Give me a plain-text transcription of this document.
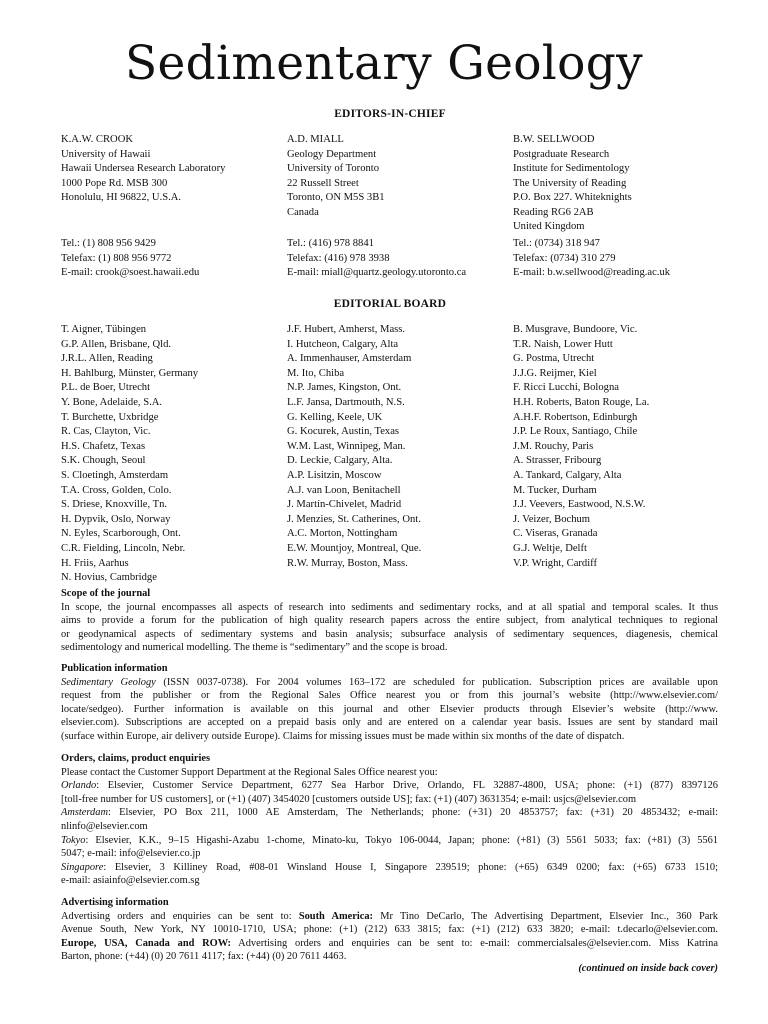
Sedimentary Geology
EDITORS-IN-CHIEF
K.A.W. CROOK
University of Hawaii
Hawaii Undersea Research Laboratory
1000 Pope Rd. MSB 300
Honolulu, HI 96822, U.S.A.
A.D. MIALL
Geology Department
University of Toronto
22 Russell Street
Toronto, ON M5S 3B1
Canada
B.W. SELLWOOD
Postgraduate Research
Institute for Sedimentology
The University of Reading
P.O. Box 227. Whiteknights
Reading RG6 2AB
United Kingdom
Tel.: (1) 808 956 9429
Telefax: (1) 808 956 9772
E-mail: crook@soest.hawaii.edu
Tel.: (416) 978 8841
Telefax: (416) 978 3938
E-mail: miall@quartz.geology.utoronto.ca
Tel.: (0734) 318 947
Telefax: (0734) 310 279
E-mail: b.w.sellwood@reading.ac.uk
EDITORIAL BOARD
T. Aigner, Tübingen
G.P. Allen, Brisbane, Qld.
J.R.L. Allen, Reading
H. Bahlburg, Münster, Germany
P.L. de Boer, Utrecht
Y. Bone, Adelaide, S.A.
T. Burchette, Uxbridge
R. Cas, Clayton, Vic.
H.S. Chafetz, Texas
S.K. Chough, Seoul
S. Cloetingh, Amsterdam
T.A. Cross, Golden, Colo.
S. Driese, Knoxville, Tn.
H. Dypvik, Oslo, Norway
N. Eyles, Scarborough, Ont.
C.R. Fielding, Lincoln, Nebr.
H. Friis, Aarhus
N. Hovius, Cambridge
J.F. Hubert, Amherst, Mass.
I. Hutcheon, Calgary, Alta
A. Immenhauser, Amsterdam
M. Ito, Chiba
N.P. James, Kingston, Ont.
L.F. Jansa, Dartmouth, N.S.
G. Kelling, Keele, UK
G. Kocurek, Austin, Texas
W.M. Last, Winnipeg, Man.
D. Leckie, Calgary, Alta.
A.P. Lisitzin, Moscow
A.J. van Loon, Benitachell
J. Martín-Chivelet, Madrid
J. Menzies, St. Catherines, Ont.
A.C. Morton, Nottingham
E.W. Mountjoy, Montreal, Que.
R.W. Murray, Boston, Mass.
B. Musgrave, Bundoore, Vic.
T.R. Naish, Lower Hutt
G. Postma, Utrecht
J.J.G. Reijmer, Kiel
F. Ricci Lucchi, Bologna
H.H. Roberts, Baton Rouge, La.
A.H.F. Robertson, Edinburgh
J.P. Le Roux, Santiago, Chile
J.M. Rouchy, Paris
A. Strasser, Fribourg
A. Tankard, Calgary, Alta
M. Tucker, Durham
J.J. Veevers, Eastwood, N.S.W.
J. Veizer, Bochum
C. Viseras, Granada
G.J. Weltje, Delft
V.P. Wright, Cardiff
Scope of the journal
In scope, the journal encompasses all aspects of research into sediments and sedimentary rocks, and at all spatial and temporal scales. It thus
aims to provide a forum for the publication of high quality research papers across the entire subject, from analytical techniques to regional
or geodynamical aspects of sedimentary systems and basin analysis; subsurface analysis of sedimentary sequences, diagenesis, chemical
sedimentology and numerical modelling. The theme is “sedimentary” and the scope is broad.
Publication information
Sedimentary Geology (ISSN 0037-0738). For 2004 volumes 163–172 are scheduled for publication. Subscription prices are available upon
request from the publisher or from the Regional Sales Office nearest you or from this journal’s website (http://www.elsevier.com/
locate/sedgeo). Further information is available on this journal and other Elsevier products through Elsevier’s website (http://www.
elsevier.com). Subscriptions are accepted on a prepaid basis only and are entered on a calendar year basis. Issues are sent by standard mail
(surface within Europe, air delivery outside Europe). Claims for missing issues must be made within six months of the date of dispatch.
Orders, claims, product enquiries
Please contact the Customer Support Department at the Regional Sales Office nearest you:
Orlando: Elsevier, Customer Service Department, 6277 Sea Harbor Drive, Orlando, FL 32887-4800, USA; phone: (+1) (877) 8397126
[toll-free number for US customers], or (+1) (407) 3454020 [customers outside US]; fax: (+1) (407) 3631354; e-mail: usjcs@elsevier.com
Amsterdam: Elsevier, PO Box 211, 1000 AE Amsterdam, The Netherlands; phone: (+31) 20 4853757; fax: (+31) 20 4853432; e-mail:
nlinfo@elsevier.com
Tokyo: Elsevier, K.K., 9–15 Higashi-Azabu 1-chome, Minato-ku, Tokyo 106-0044, Japan; phone: (+81) (3) 5561 5033; fax: (+81) (3) 5561
5047; e-mail: info@elsevier.co.jp
Singapore: Elsevier, 3 Killiney Road, #08-01 Winsland House I, Singapore 239519; phone: (+65) 6349 0200; fax: (+65) 6733 1510;
e-mail: asiainfo@elsevier.com.sg
Advertising information
Advertising orders and enquiries can be sent to: South America: Mr Tino DeCarlo, The Advertising Department, Elsevier Inc., 360 Park
Avenue South, New York, NY 10010-1710, USA; phone: (+1) (212) 633 3815; fax: (+1) (212) 633 3820; e-mail: t.decarlo@elsevier.com.
Europe, USA, Canada and ROW: Advertising orders and enquiries can be sent to: e-mail: commercialsales@elsevier.com. Miss Katrina
Barton, phone: (+44) (0) 20 7611 4117; fax: (+44) (0) 20 7611 4463.
(continued on inside back cover)
